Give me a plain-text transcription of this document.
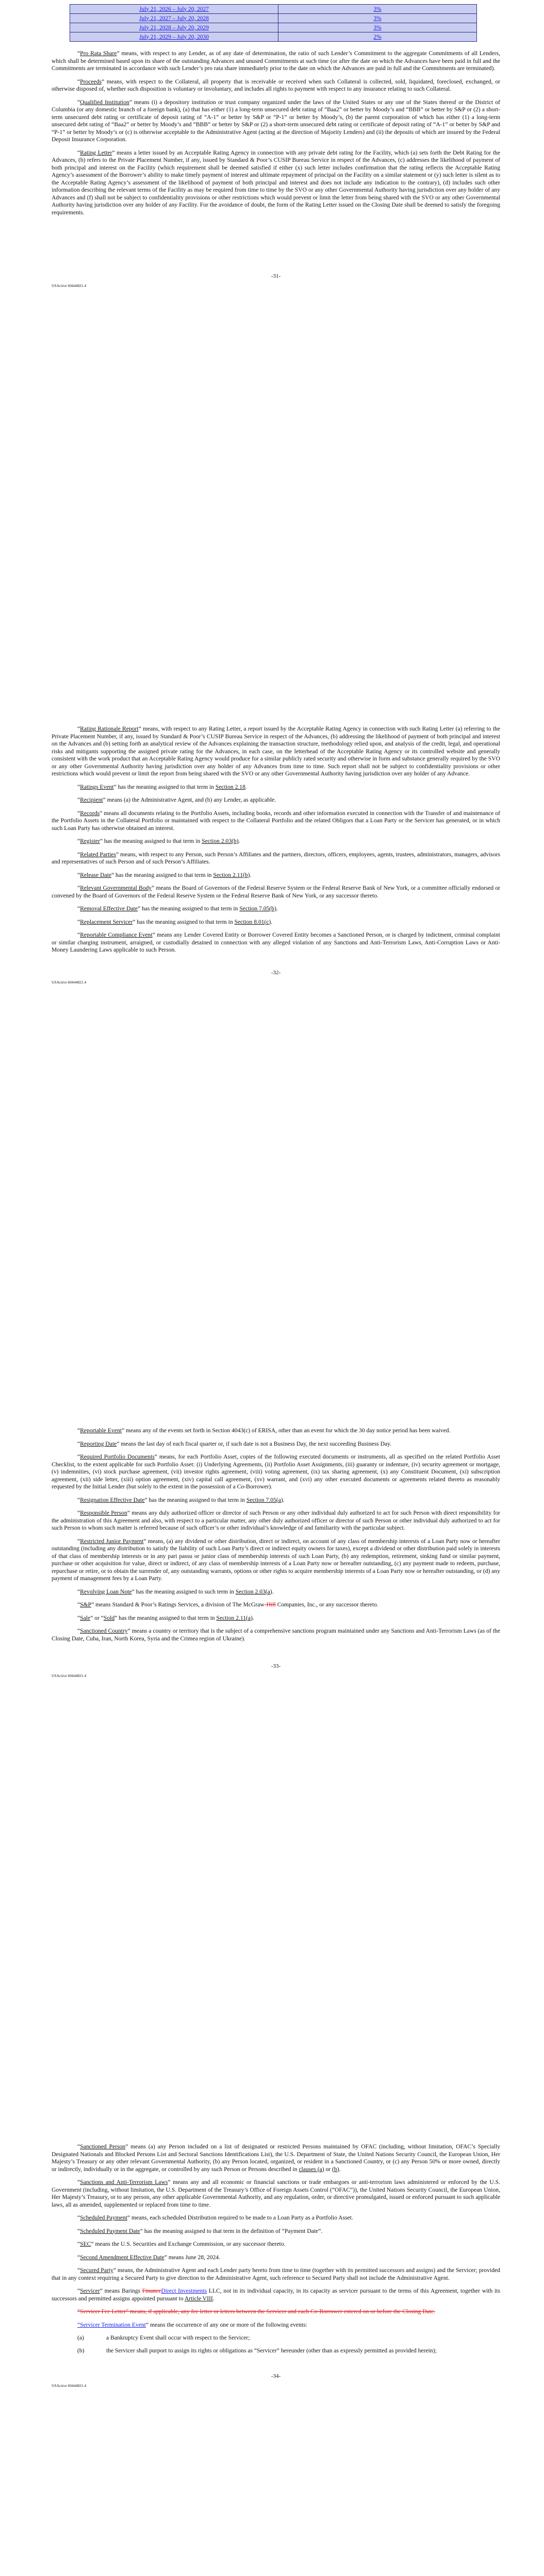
July 21, 2026 – July 20, 2027	3%
July 21, 2027 – July 20, 2028	3%
July 21, 2028 – July 20, 2029	3%
July 21, 2029 – July 20, 2030	2%

“Pro Rata Share” means, with respect to any Lender, as of any date of determination, the ratio of such Lender’s Commitment to the aggregate Commitments of all Lenders, which shall be determined based upon its share of the outstanding Advances and unused Commitments at such time (or after the date on which the Advances have been paid in full and the Commitments are terminated in accordance with such Lender’s pro rata share immediately prior to the date on which the Advances are paid in full and the Commitments are terminated).

“Proceeds” means, with respect to the Collateral, all property that is receivable or received when such Collateral is collected, sold, liquidated, foreclosed, exchanged, or otherwise disposed of, whether such disposition is voluntary or involuntary, and includes all rights to payment with respect to any insurance relating to such Collateral.

“Qualified Institution” means (i) a depository institution or trust company organized under the laws of the United States or any one of the States thereof or the District of Columbia (or any domestic branch of a foreign bank), (a) that has either (1) a long-term unsecured debt rating of “Baa2” or better by Moody’s and “BBB” or better by S&P or (2) a short-term unsecured debt rating or certificate of deposit rating of “A-1” or better by S&P or “P-1” or better by Moody’s, (b) the parent corporation of which has either (1) a long-term unsecured debt rating of “Baa2” or better by Moody’s and “BBB” or better by S&P or (2) a short-term unsecured debt rating or certificate of deposit rating of “A-1” or better by S&P and “P-1” or better by Moody’s or (c) is otherwise acceptable to the Administrative Agent (acting at the direction of Majority Lenders) and (ii) the deposits of which are insured by the Federal Deposit Insurance Corporation.

“Rating Letter” means a letter issued by an Acceptable Rating Agency in connection with any private debt rating for the Facility, which (a) sets forth the Debt Rating for the Advances, (b) refers to the Private Placement Number, if any, issued by Standard & Poor’s CUSIP Bureau Service in respect of the Advances, (c) addresses the likelihood of payment of both principal and interest on the Facility (which requirement shall be deemed satisfied if either (x) such letter includes confirmation that the rating reflects the Acceptable Rating Agency’s assessment of the Borrower’s ability to make timely payment of interest and ultimate repayment of principal on the Facility on a similar statement or (y) such letter is silent as to the Acceptable Rating Agency’s assessment of the likelihood of payment of both principal and interest and does not include any indication to the contrary), (d) includes such other information describing the relevant terms of the Facility as may be required from time to time by the SVO or any other Governmental Authority having jurisdiction over any holder of any Advances and (f) shall not be subject to confidentiality provisions or other restrictions which would prevent or limit the letter from being shared with the SVO or any other Governmental Authority having jurisdiction over any holder of any Facility. For the avoidance of doubt, the form of the Rating Letter issued on the Closing Date shall be deemed to satisfy the foregoing requirements.

-31-
USActive 60444821.4

“Rating Rationale Report” means, with respect to any Rating Letter, a report issued by the Acceptable Rating Agency in connection with such Rating Letter (a) referring to the Private Placement Number, if any, issued by Standard & Poor’s CUSIP Bureau Service in respect of the Advances, (b) addressing the likelihood of payment of both principal and interest on the Advances and (b) setting forth an analytical review of the Advances explaining the transaction structure, methodology relied upon, and analysis of the credit, legal, and operational risks and mitigants supporting the assigned private rating for the Advances, in each case, on the letterhead of the Acceptable Rating Agency or its controlled website and generally consistent with the work product that an Acceptable Rating Agency would produce for a similar publicly rated security and otherwise in form and substance generally required by the SVO or any other Governmental Authority having jurisdiction over any holder of any Advances from time to time. Such report shall not be subject to confidentiality provisions or other restrictions which would prevent or limit the report from being shared with the SVO or any other Governmental Authority having jurisdiction over any holder of any Advance.

“Ratings Event” has the meaning assigned to that term in Section 2.18.

“Recipient” means (a) the Administrative Agent, and (b) any Lender, as applicable.

“Records” means all documents relating to the Portfolio Assets, including books, records and other information executed in connection with the Transfer of and maintenance of the Portfolio Assets in the Collateral Portfolio or maintained with respect to the Collateral Portfolio and the related Obligors that a Loan Party or the Servicer has generated, or in which such Loan Party has otherwise obtained an interest.

“Register” has the meaning assigned to that term in Section 2.03(b).

“Related Parties” means, with respect to any Person, such Person’s Affiliates and the partners, directors, officers, employees, agents, trustees, administrators, managers, advisors and representatives of such Person and of such Person’s Affiliates.

“Release Date” has the meaning assigned to that term in Section 2.11(b).

“Relevant Governmental Body” means the Board of Governors of the Federal Reserve System or the Federal Reserve Bank of New York, or a committee officially endorsed or convened by the Board of Governors of the Federal Reserve System or the Federal Reserve Bank of New York, or any successor thereto.

“Removal Effective Date” has the meaning assigned to that term in Section 7.05(b).

“Replacement Servicer” has the meaning assigned to that term in Section 8.01(c).

“Reportable Compliance Event” means any Lender Covered Entity or Borrower Covered Entity becomes a Sanctioned Person, or is charged by indictment, criminal complaint or similar charging instrument, arraigned, or custodially detained in connection with any alleged violation of any Sanctions and Anti-Terrorism Laws, Anti-Corruption Laws or Anti-Money Laundering Laws applicable to such Person.

-32-
USActive 60444821.4

“Reportable Event” means any of the events set forth in Section 4043(c) of ERISA, other than an event for which the 30 day notice period has been waived.

“Reporting Date” means the last day of each fiscal quarter or, if such date is not a Business Day, the next succeeding Business Day.

“Required Portfolio Documents” means, for each Portfolio Asset, copies of the following executed documents or instruments, all as specified on the related Portfolio Asset Checklist, to the extent applicable for such Portfolio Asset: (i) Underlying Agreements, (ii) Portfolio Asset Assignments, (iii) guaranty or indenture, (iv) security agreement or mortgage, (v) indemnities, (vi) stock purchase agreement, (vii) investor rights agreement, (viii) voting agreement, (ix) tax sharing agreement, (x) any Constituent Document, (xi) subscription agreement, (xii) side letter, (xiii) option agreement, (xiv) capital call agreement, (xv) warrant, and (xvi) any other executed documents or agreements related thereto as reasonably requested by the Initial Lender (but solely to the extent in the possession of a Co-Borrower).

“Resignation Effective Date” has the meaning assigned to that term in Section 7.05(a).

“Responsible Person” means any duly authorized officer or director of such Person or any other individual duly authorized to act for such Person with direct responsibility for the administration of this Agreement and also, with respect to a particular matter, any other duly authorized officer or director of such Person or other individual duly authorized to act for such Person to whom such matter is referred because of such officer’s or other individual’s knowledge of and familiarity with the particular subject.

“Restricted Junior Payment” means, (a) any dividend or other distribution, direct or indirect, on account of any class of membership interests of a Loan Party now or hereafter outstanding (including any distribution to satisfy the liability of such Loan Party’s direct or indirect equity owners for taxes), except a dividend or other distribution paid solely in interests of that class of membership interests or in any pari passu or junior class of membership interests of such Loan Party, (b) any redemption, retirement, sinking fund or similar payment, purchase or other acquisition for value, direct or indirect, of any class of membership interests of a Loan Party now or hereafter outstanding, (c) any payment made to redeem, purchase, repurchase or retire, or to obtain the surrender of, any outstanding warrants, options or other rights to acquire membership interests of a Loan Party now or hereafter outstanding, or (d) any payment of management fees by a Loan Party.

“Revolving Loan Note” has the meaning assigned to such term in Section 2.03(a).

“S&P” means Standard & Poor’s Ratings Services, a division of The McGraw-Hill Companies, Inc., or any successor thereto.

“Sale” or “Sold” has the meaning assigned to that term in Section 2.11(a).

“Sanctioned Country” means a country or territory that is the subject of a comprehensive sanctions program maintained under any Sanctions and Anti-Terrorism Laws (as of the Closing Date, Cuba, Iran, North Korea, Syria and the Crimea region of Ukraine).

-33-
USActive 60444821.4

“Sanctioned Person” means (a) any Person included on a list of designated or restricted Persons maintained by OFAC (including, without limitation, OFAC’s Specially Designated Nationals and Blocked Persons List and Sectoral Sanctions Identifications List), the U.S. Department of State, the United Nations Security Council, the European Union, Her Majesty’s Treasury or any other relevant Governmental Authority, (b) any Person located, organized, or resident in a Sanctioned Country, or (c) any Person 50% or more owned, directly or indirectly, individually or in the aggregate, or controlled by any such Person or Persons described in clauses (a) or (b).

“Sanctions and Anti-Terrorism Laws” means any and all economic or financial sanctions or trade embargoes or anti-terrorism laws administered or enforced by the U.S. Government (including, without limitation, the U.S. Department of the Treasury’s Office of Foreign Assets Control (“OFAC”)), the United Nations Security Council, the European Union, Her Majesty’s Treasury, or to any person, any other applicable Governmental Authority, and any regulation, order, or directive promulgated, issued or enforced pursuant to such applicable laws, all as amended, supplemented or replaced from time to time.

“Scheduled Payment” means, each scheduled Distribution required to be made to a Loan Party as a Portfolio Asset.

“Scheduled Payment Date” has the meaning assigned to that term in the definition of “Payment Date”.

“SEC” means the U.S. Securities and Exchange Commission, or any successor thereto.

“Second Amendment Effective Date” means June 28, 2024.

“Secured Party” means, the Administrative Agent and each Lender party hereto from time to time (together with its permitted successors and assigns) and the Servicer; provided that in any context requiring a Secured Party to give direction to the Administrative Agent, such reference to Secured Party shall not include the Administrative Agent.

“Servicer” means Barings FinanceDirect Investments LLC, not in its individual capacity, in its capacity as servicer pursuant to the terms of this Agreement, together with its successors and permitted assigns appointed pursuant to Article VIII.

“Servicer Fee Letter” means, if applicable, any fee letter or letters between the Servicer and each Co-Borrower entered on or before the Closing Date.

“Servicer Termination Event” means the occurrence of any one or more of the following events:

(a)	a Bankruptcy Event shall occur with respect to the Servicer;
(b)	the Servicer shall purport to assign its rights or obligations as “Servicer” hereunder (other than as expressly permitted as provided herein);
-34-
USActive 60444821.4
